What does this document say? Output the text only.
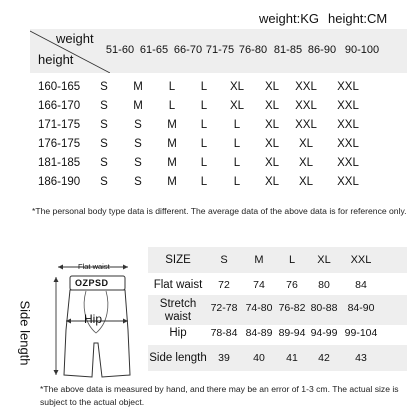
weight:KG height:CM
weight
height
51-60 61-65 66-70 71-75 76-80 81-85 86-90 90-100
160-165	S	M	L	L	XL	XL	XXL	XXL
166-170	S	M	L	L	XL	XL	XXL	XXL
171-175	S	S	M	L	L	XL	XXL	XXL
176-175	S	S	M	L	L	XL	XL	XXL
181-185	S	S	M	L	L	XL	XL	XXL
186-190	S	S	M	L	L	XL	XL	XXL
*The personal body type data is different. The average data of the above data is for reference only.
Flat waist
OZPSD
Hip
Side length
SIZE	S	M	L	XL	XXL
Flat waist	72	74	76	80	84
Stretch
waist
72-78 74-80 76-82 80-88 84-90
Hip	78-84 84-89 89-94 94-99 99-104
Side length	39	40	41	42	43
*The above data is measured by hand, and there may be an error of 1-3 cm. The actual size is subject to the actual object.
